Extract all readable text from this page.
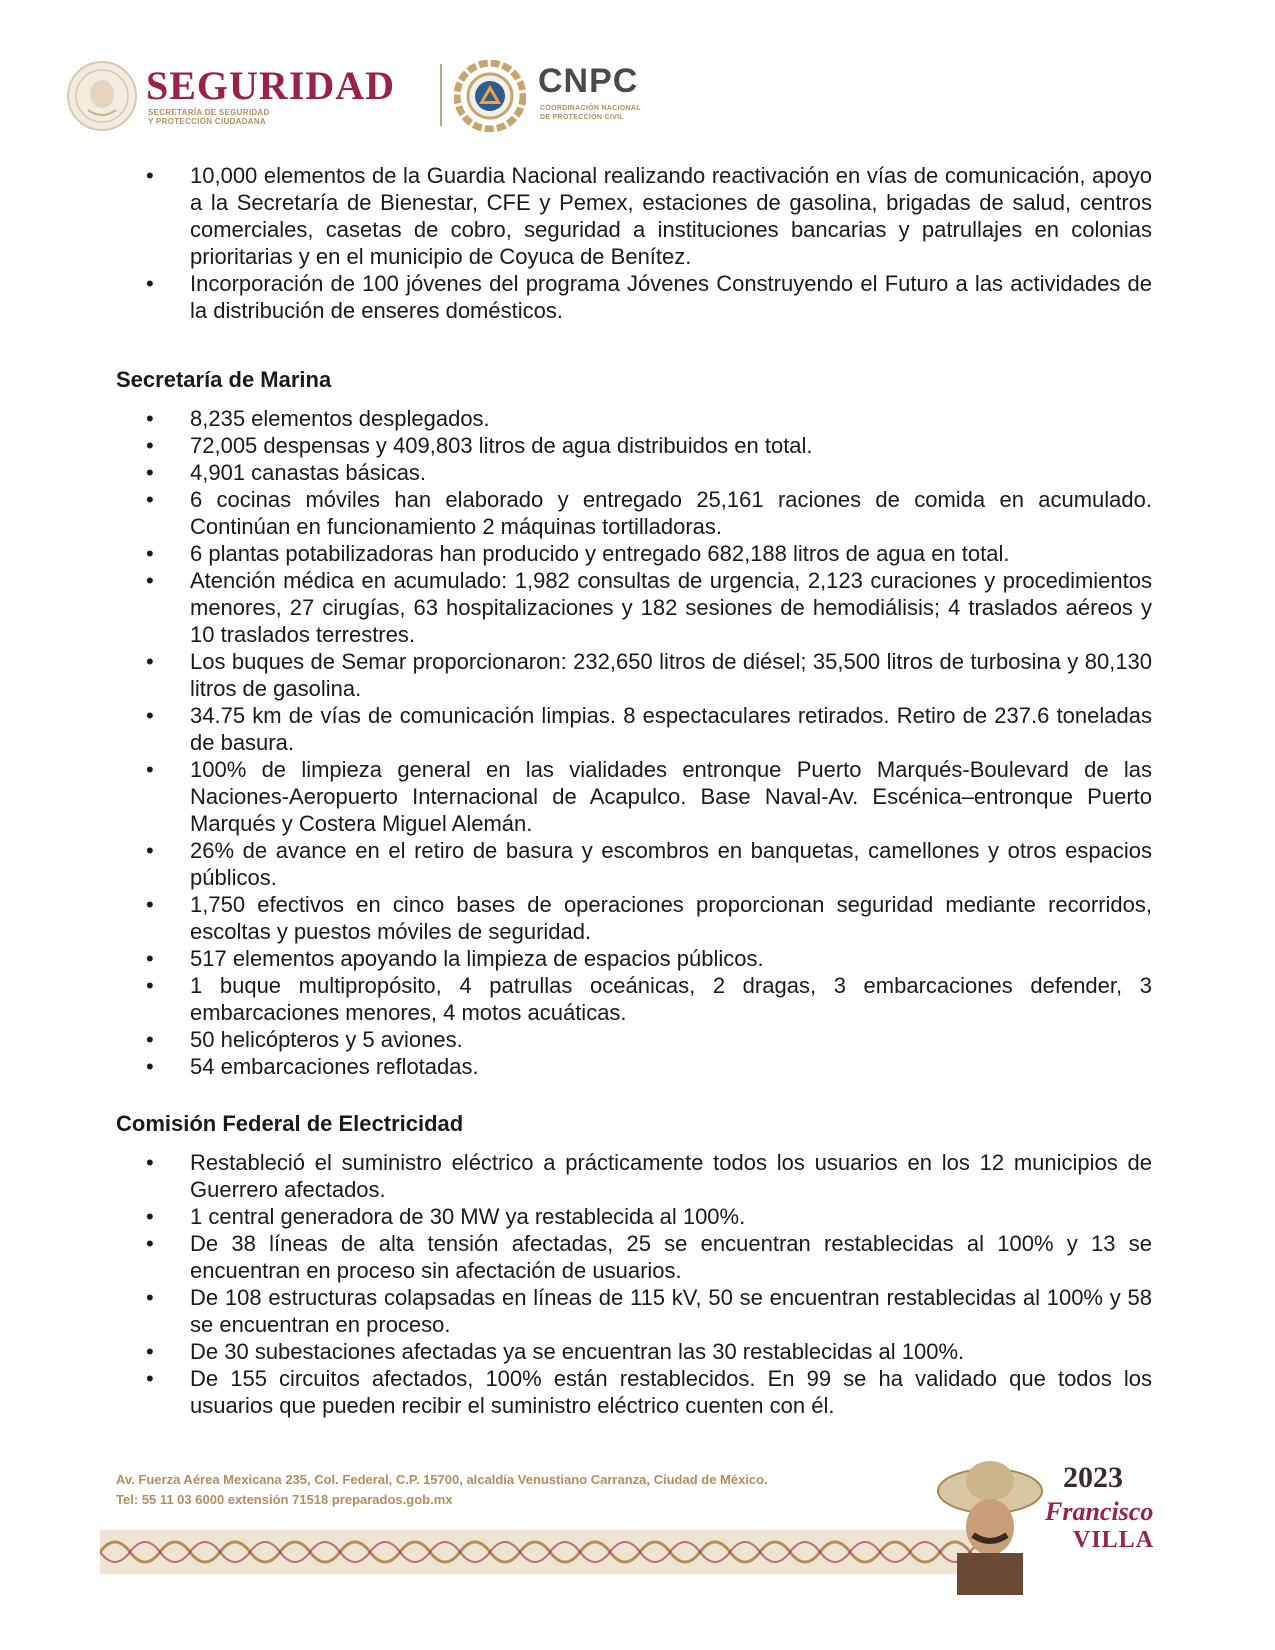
SEGURIDAD
SECRETARÍA DE SEGURIDAD
Y PROTECCIÓN CIUDADANA
CNPC
COORDINACIÓN NACIONAL
DE PROTECCIÓN CIVIL
• 10,000 elementos de la Guardia Nacional realizando reactivación en vías de comunicación, apoyo a la Secretaría de Bienestar, CFE y Pemex, estaciones de gasolina, brigadas de salud, centros comerciales, casetas de cobro, seguridad a instituciones bancarias y patrullajes en colonias prioritarias y en el municipio de Coyuca de Benítez.
• Incorporación de 100 jóvenes del programa Jóvenes Construyendo el Futuro a las actividades de la distribución de enseres domésticos.
Secretaría de Marina
• 8,235 elementos desplegados.
• 72,005 despensas y 409,803 litros de agua distribuidos en total.
• 4,901 canastas básicas.
• 6 cocinas móviles han elaborado y entregado 25,161 raciones de comida en acumulado. Continúan en funcionamiento 2 máquinas tortilladoras.
• 6 plantas potabilizadoras han producido y entregado 682,188 litros de agua en total.
• Atención médica en acumulado: 1,982 consultas de urgencia, 2,123 curaciones y procedimientos menores, 27 cirugías, 63 hospitalizaciones y 182 sesiones de hemodiálisis; 4 traslados aéreos y 10 traslados terrestres.
• Los buques de Semar proporcionaron: 232,650 litros de diésel; 35,500 litros de turbosina y 80,130 litros de gasolina.
• 34.75 km de vías de comunicación limpias. 8 espectaculares retirados. Retiro de 237.6 toneladas de basura.
• 100% de limpieza general en las vialidades entronque Puerto Marqués-Boulevard de las Naciones-Aeropuerto Internacional de Acapulco. Base Naval-Av. Escénica–entronque Puerto Marqués y Costera Miguel Alemán.
• 26% de avance en el retiro de basura y escombros en banquetas, camellones y otros espacios públicos.
• 1,750 efectivos en cinco bases de operaciones proporcionan seguridad mediante recorridos, escoltas y puestos móviles de seguridad.
• 517 elementos apoyando la limpieza de espacios públicos.
• 1 buque multipropósito, 4 patrullas oceánicas, 2 dragas, 3 embarcaciones defender, 3 embarcaciones menores, 4 motos acuáticas.
• 50 helicópteros y 5 aviones.
• 54 embarcaciones reflotadas.
Comisión Federal de Electricidad
• Restableció el suministro eléctrico a prácticamente todos los usuarios en los 12 municipios de Guerrero afectados.
• 1 central generadora de 30 MW ya restablecida al 100%.
• De 38 líneas de alta tensión afectadas, 25 se encuentran restablecidas al 100% y 13 se encuentran en proceso sin afectación de usuarios.
• De 108 estructuras colapsadas en líneas de 115 kV, 50 se encuentran restablecidas al 100% y 58 se encuentran en proceso.
• De 30 subestaciones afectadas ya se encuentran las 30 restablecidas al 100%.
• De 155 circuitos afectados, 100% están restablecidos. En 99 se ha validado que todos los usuarios que pueden recibir el suministro eléctrico cuenten con él.
Av. Fuerza Aérea Mexicana 235, Col. Federal, C.P. 15700, alcaldía Venustiano Carranza, Ciudad de México.
Tel: 55 11 03 6000 extensión 71518 preparados.gob.mx
2023
Francisco
VILLA
